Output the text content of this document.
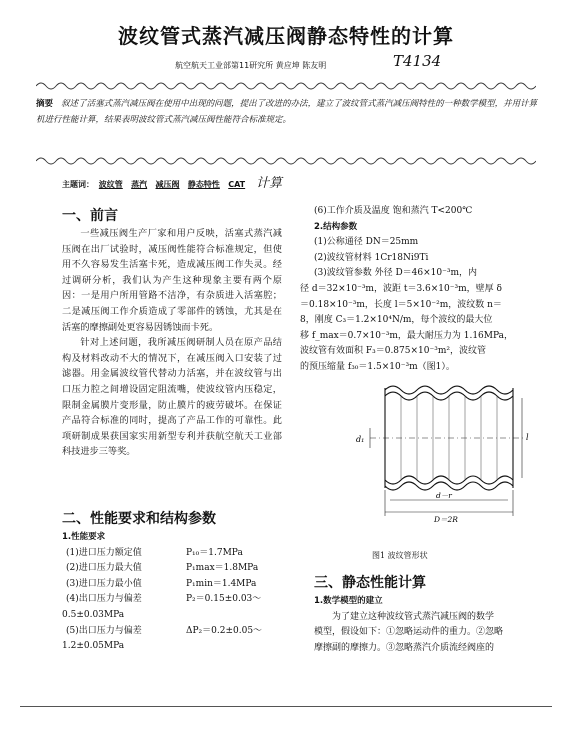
波纹管式蒸汽减压阀静态特性的计算
航空航天工业部第11研究所 黄应坤 陈友明	T4134
摘要 叙述了活塞式蒸汽减压阀在使用中出现的问题，提出了改进的办法，建立了波纹管式蒸汽减压阀特性的一种数学模型，并用计算机进行性能计算，结果表明波纹管式蒸汽减压阀性能符合标准规定。
主题词： 波纹管 蒸汽 减压阀 静态特性 CAT 计算
一、前言

一些减压阀生产厂家和用户反映，活塞式蒸汽减压阀在出厂试验时，减压阀性能符合标准规定，但使用不久容易发生活塞卡死，造成减压阀工作失灵。经过调研分析，我们认为产生这种现象主要有两个原因：一是用户所用管路不洁净，有杂质进入活塞腔；二是减压阀工作介质造成了零部件的锈蚀，尤其是在活塞的摩擦副处更容易因锈蚀而卡死。

针对上述问题，我所减压阀研制人员在原产品结构及材料改动不大的情况下，在减压阀入口安装了过滤器。用金属波纹管代替动力活塞，并在波纹管与出口压力腔之间增设固定阻流嘴，使波纹管内压稳定，限制金属膜片变形量，防止膜片的疲劳破坏。在保证产品符合标准的同时，提高了产品工作的可靠性。此项研制成果获国家实用新型专利并获航空航天工业部科技进步三等奖。

二、性能要求和结构参数
1.性能要求
(1)进口压力额定值	P₁₀＝1.7MPa
(2)进口压力最大值	P₁max＝1.8MPa
(3)进口压力最小值	P₁min＝1.4MPa
(4)出口压力与偏差	P₂＝0.15±0.03～
0.5±0.03MPa
(5)出口压力与偏差	ΔP₂＝0.2±0.05～
1.2±0.05MPa
(6)工作介质及温度 饱和蒸汽 T<200℃
2.结构参数
(1)公称通径 DN＝25mm
(2)波纹管材料 1Cr18Ni9Ti
(3)波纹管参数 外径 D＝46×10⁻³m，内
径 d＝32×10⁻³m，波距 t＝3.6×10⁻³m，壁厚 δ
＝0.18×10⁻³m，长度 l＝5×10⁻²m，波纹数 n＝
8，刚度 C₃＝1.2×10⁴N/m，每个波纹的最大位
移 f_max＝0.7×10⁻³m，最大耐压力为 1.16MPa，
波纹管有效面积 F₃＝0.875×10⁻³m²，波纹管
的预压缩量 f₃₀＝1.5×10⁻³m（图1）。
d₁	l
d－r
D＝2R
图1 波纹管形状
三、静态性能计算
1.数学模型的建立
为了建立这种波纹管式蒸汽减压阀的数学
模型，假设如下：①忽略运动件的重力。②忽略
摩擦副的摩擦力。③忽略蒸汽介质流经阀座的
